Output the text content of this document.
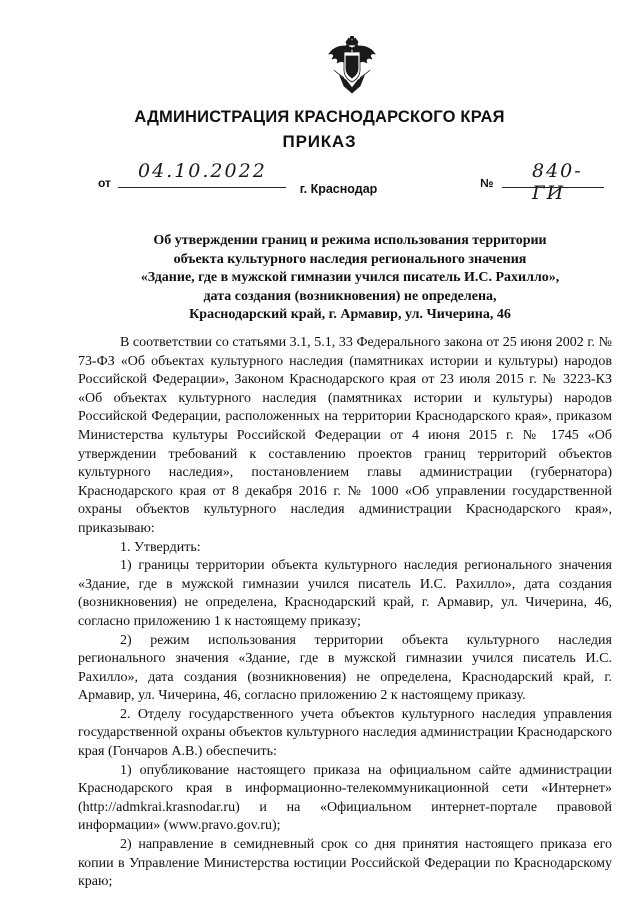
АДМИНИСТРАЦИЯ КРАСНОДАРСКОГО КРАЯ
ПРИКАЗ
от
04.10.2022
№
840-ГИ
г. Краснодар
Об утверждении границ и режима использования территории
объекта культурного наследия регионального значения
«Здание, где в мужской гимназии учился писатель И.С. Рахилло»,
дата создания (возникновения) не определена,
Краснодарский край, г. Армавир, ул. Чичерина, 46

В соответствии со статьями 3.1, 5.1, 33 Федерального закона от 25 июня 2002 г. № 73-ФЗ «Об объектах культурного наследия (памятниках истории и культуры) народов Российской Федерации», Законом Краснодарского края от 23 июля 2015 г. № 3223-КЗ «Об объектах культурного наследия (памятниках истории и культуры) народов Российской Федерации, расположенных на территории Краснодарского края», приказом Министерства культуры Российской Федерации от 4 июня 2015 г. № 1745 «Об утверждении требований к составлению проектов границ территорий объектов культурного наследия», постановлением главы администрации (губернатора) Краснодарского края от 8 декабря 2016 г. № 1000 «Об управлении государственной охраны объектов культурного наследия администрации Краснодарского края», приказываю:

1. Утвердить:

1) границы территории объекта культурного наследия регионального значения «Здание, где в мужской гимназии учился писатель И.С. Рахилло», дата создания (возникновения) не определена, Краснодарский край, г. Армавир, ул. Чичерина, 46, согласно приложению 1 к настоящему приказу;

2) режим использования территории объекта культурного наследия регионального значения «Здание, где в мужской гимназии учился писатель И.С. Рахилло», дата создания (возникновения) не определена, Краснодарский край, г. Армавир, ул. Чичерина, 46, согласно приложению 2 к настоящему приказу.

2. Отделу государственного учета объектов культурного наследия управления государственной охраны объектов культурного наследия администрации Краснодарского края (Гончаров А.В.) обеспечить:

1) опубликование настоящего приказа на официальном сайте администрации Краснодарского края в информационно-телекоммуникационной сети «Интернет» (http://admkrai.krasnodar.ru) и на «Официальном интернет-портале правовой информации» (www.pravo.gov.ru);

2) направление в семидневный срок со дня принятия настоящего приказа его копии в Управление Министерства юстиции Российской Федерации по Краснодарскому краю;
